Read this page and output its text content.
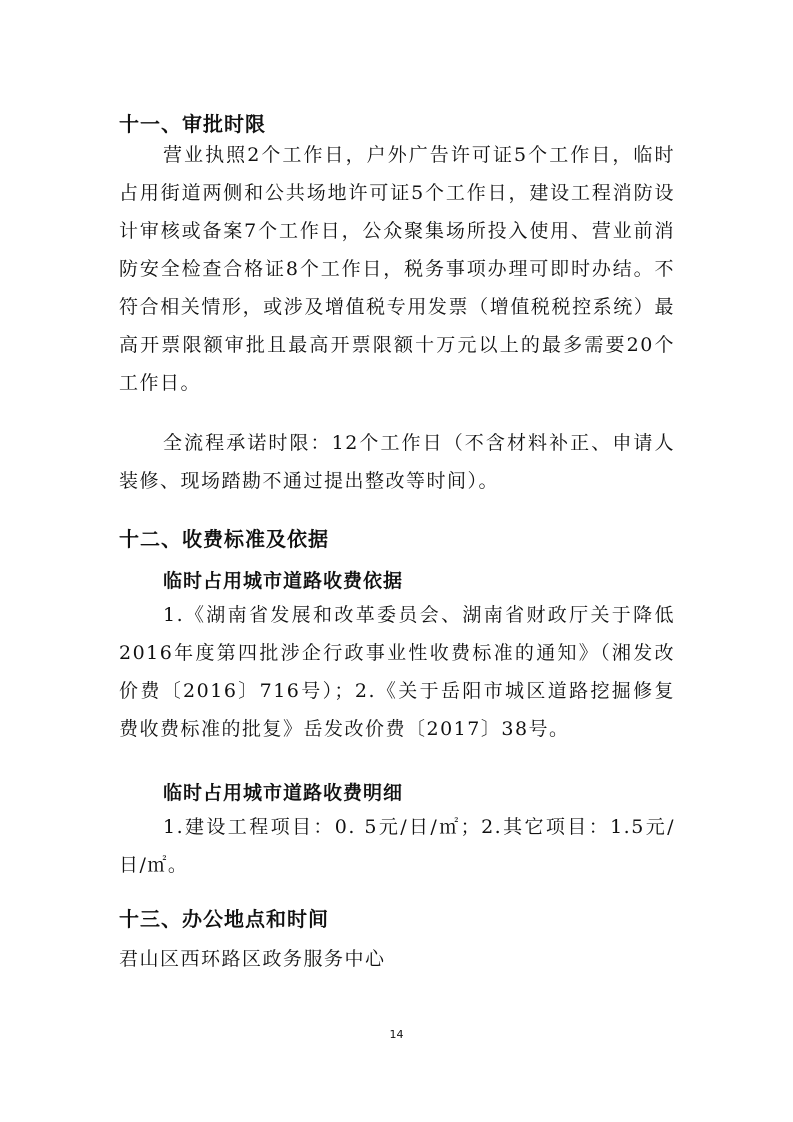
十一、审批时限

营业执照2个工作日，户外广告许可证5个工作日，临时占用街道两侧和公共场地许可证5个工作日，建设工程消防设计审核或备案7个工作日，公众聚集场所投入使用、营业前消防安全检查合格证8个工作日，税务事项办理可即时办结。不符合相关情形，或涉及增值税专用发票（增值税税控系统）最高开票限额审批且最高开票限额十万元以上的最多需要20个工作日。

全流程承诺时限：12个工作日（不含材料补正、申请人装修、现场踏勘不通过提出整改等时间）。

十二、收费标准及依据
临时占用城市道路收费依据

1.《湖南省发展和改革委员会、湖南省财政厅关于降低2016年度第四批涉企行政事业性收费标准的通知》（湘发改价费〔2016〕716号）；2.《关于岳阳市城区道路挖掘修复费收费标准的批复》岳发改价费〔2017〕38号。

临时占用城市道路收费明细

1.建设工程项目：0. 5元/日/㎡；2.其它项目：1.5元/日/㎡。

十三、办公地点和时间

君山区西环路区政务服务中心

14
